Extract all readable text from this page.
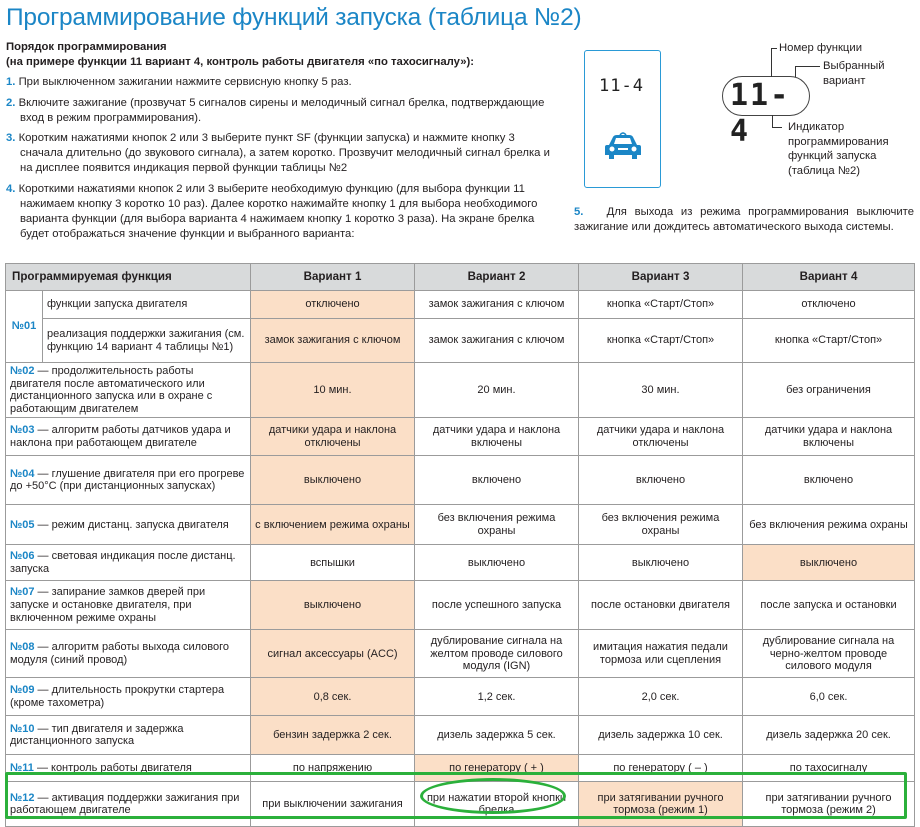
Программирование функций запуска (таблица №2)
Порядок программирования
(на примере функции 11 вариант 4, контроль работы двигателя «по тахосигналу»):
1. При выключенном зажигании нажмите сервисную кнопку 5 раз.
2. Включите зажигание (прозвучат 5 сигналов сирены и мелодичный сигнал брелка, подтверждающие вход в режим программирования).
3. Коротким нажатиями кнопок 2 или 3 выберите пункт SF (функции запуска) и нажмите кнопку 3 сначала длительно (до звукового сигнала), а затем коротко. Прозвучит мелодичный сигнал брелка и на дисплее появится индикация первой функции таблицы №2
4. Короткими нажатиями кнопок 2 или 3 выберите необходимую функцию (для выбора функции 11 нажимаем кнопку 3 коротко 10 раз). Далее коротко нажимайте кнопку 1 для выбора необходимого варианта функции (для выбора варианта 4 нажимаем кнопку 1 коротко 3 раза). На экране брелка будет отображаться значение функции и выбранного варианта:
11-4	11-4
Номер функции
Выбранный
вариант
Индикатор
программирования
функций запуска
(таблица №2)
5. Для выхода из режима программирования выключите зажигание или дождитесь автоматического выхода системы.
Программируемая функция		Вариант 1	Вариант 2	Вариант 3	Вариант 4
№01	функции запуска двигателя	отключено	замок зажигания с ключом	кнопка «Старт/Стоп»	отключено
	реализация поддержки зажигания (см. функцию 14 вариант 4 таблицы №1)	замок зажигания с ключом	замок зажигания с ключом	кнопка «Старт/Стоп»	кнопка «Старт/Стоп»
№02 — продолжительность работы двигателя после автоматического или дистанционного запуска или в охране с работающим двигателем		10 мин.	20 мин.	30 мин.	без ограничения
№03 — алгоритм работы датчиков удара и наклона при работающем двигателе		датчики удара и наклона отключены	датчики удара и наклона включены	датчики удара и наклона отключены	датчики удара и наклона включены
№04 — глушение двигателя при его прогреве до +50°С (при дистанционных запусках)		выключено	включено	включено	включено
№05 — режим дистанц. запуска двигателя		с включением режима охраны	без включения режима охраны	без включения режима охраны	без включения режима охраны
№06 — световая индикация после дистанц. запуска		вспышки	выключено	выключено	выключено
№07 — запирание замков дверей при запуске и остановке двигателя, при включенном режиме охраны		выключено	после успешного запуска	после остановки двигателя	после запуска и остановки
№08 — алгоритм работы выхода силового модуля (синий провод)		сигнал аксессуары (ACC)	дублирование сигнала на желтом проводе силового модуля (IGN)	имитация нажатия педали тормоза или сцепления	дублирование сигнала на черно-желтом проводе силового модуля
№09 — длительность прокрутки стартера (кроме тахометра)		0,8 сек.	1,2 сек.	2,0 сек.	6,0 сек.
№10 — тип двигателя и задержка дистанционного запуска		бензин задержка 2 сек.	дизель задержка 5 сек.	дизель задержка 10 сек.	дизель задержка 20 сек.
№11 — контроль работы двигателя		по напряжению	по генератору ( + )	по генератору ( – )	по тахосигналу
№12 — активация поддержки зажигания при работающем двигателе		при выключении зажигания	при нажатии второй кнопки брелка	при затягивании ручного тормоза (режим 1)	при затягивании ручного тормоза (режим 2)
